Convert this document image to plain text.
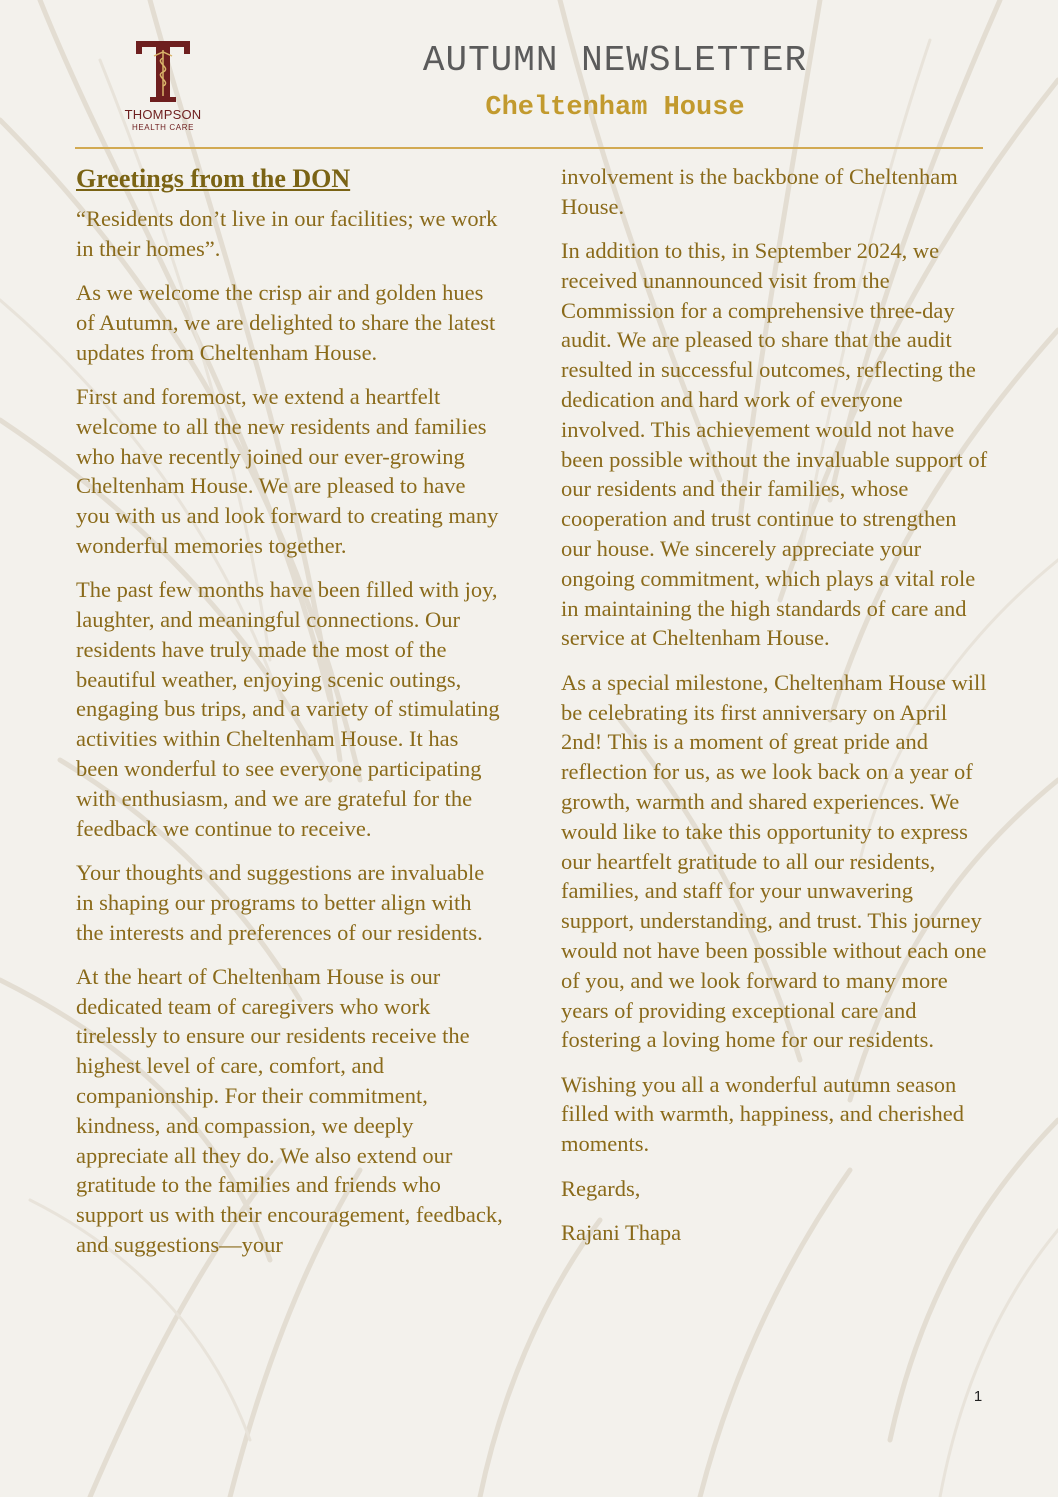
THOMPSON
HEALTH CARE
AUTUMN NEWSLETTER
Cheltenham House
Greetings from the DON

“Residents don’t live in our facilities; we work in their homes”.

As we welcome the crisp air and golden hues of Autumn, we are delighted to share the latest updates from Cheltenham House.

First and foremost, we extend a heartfelt welcome to all the new residents and families who have recently joined our ever-growing Cheltenham House. We are pleased to have you with us and look forward to creating many wonderful memories together.

The past few months have been filled with joy, laughter, and meaningful connections. Our residents have truly made the most of the beautiful weather, enjoying scenic outings, engaging bus trips, and a variety of stimulating activities within Cheltenham House. It has been wonderful to see everyone participating with enthusiasm, and we are grateful for the feedback we continue to receive.

Your thoughts and suggestions are invaluable in shaping our programs to better align with the interests and preferences of our residents.

At the heart of Cheltenham House is our dedicated team of caregivers who work tirelessly to ensure our residents receive the highest level of care, comfort, and companionship. For their commitment, kindness, and compassion, we deeply appreciate all they do. We also extend our gratitude to the families and friends who support us with their encouragement, feedback, and suggestions—your

involvement is the backbone of Cheltenham House.

In addition to this, in September 2024, we received unannounced visit from the Commission for a comprehensive three-day audit. We are pleased to share that the audit resulted in successful outcomes, reflecting the dedication and hard work of everyone involved. This achievement would not have been possible without the invaluable support of our residents and their families, whose cooperation and trust continue to strengthen our house. We sincerely appreciate your ongoing commitment, which plays a vital role in maintaining the high standards of care and service at Cheltenham House.

As a special milestone, Cheltenham House will be celebrating its first anniversary on April 2nd! This is a moment of great pride and reflection for us, as we look back on a year of growth, warmth and shared experiences. We would like to take this opportunity to express our heartfelt gratitude to all our residents, families, and staff for your unwavering support, understanding, and trust. This journey would not have been possible without each one of you, and we look forward to many more years of providing exceptional care and fostering a loving home for our residents.

Wishing you all a wonderful autumn season filled with warmth, happiness, and cherished moments.

Regards,

Rajani Thapa

1
